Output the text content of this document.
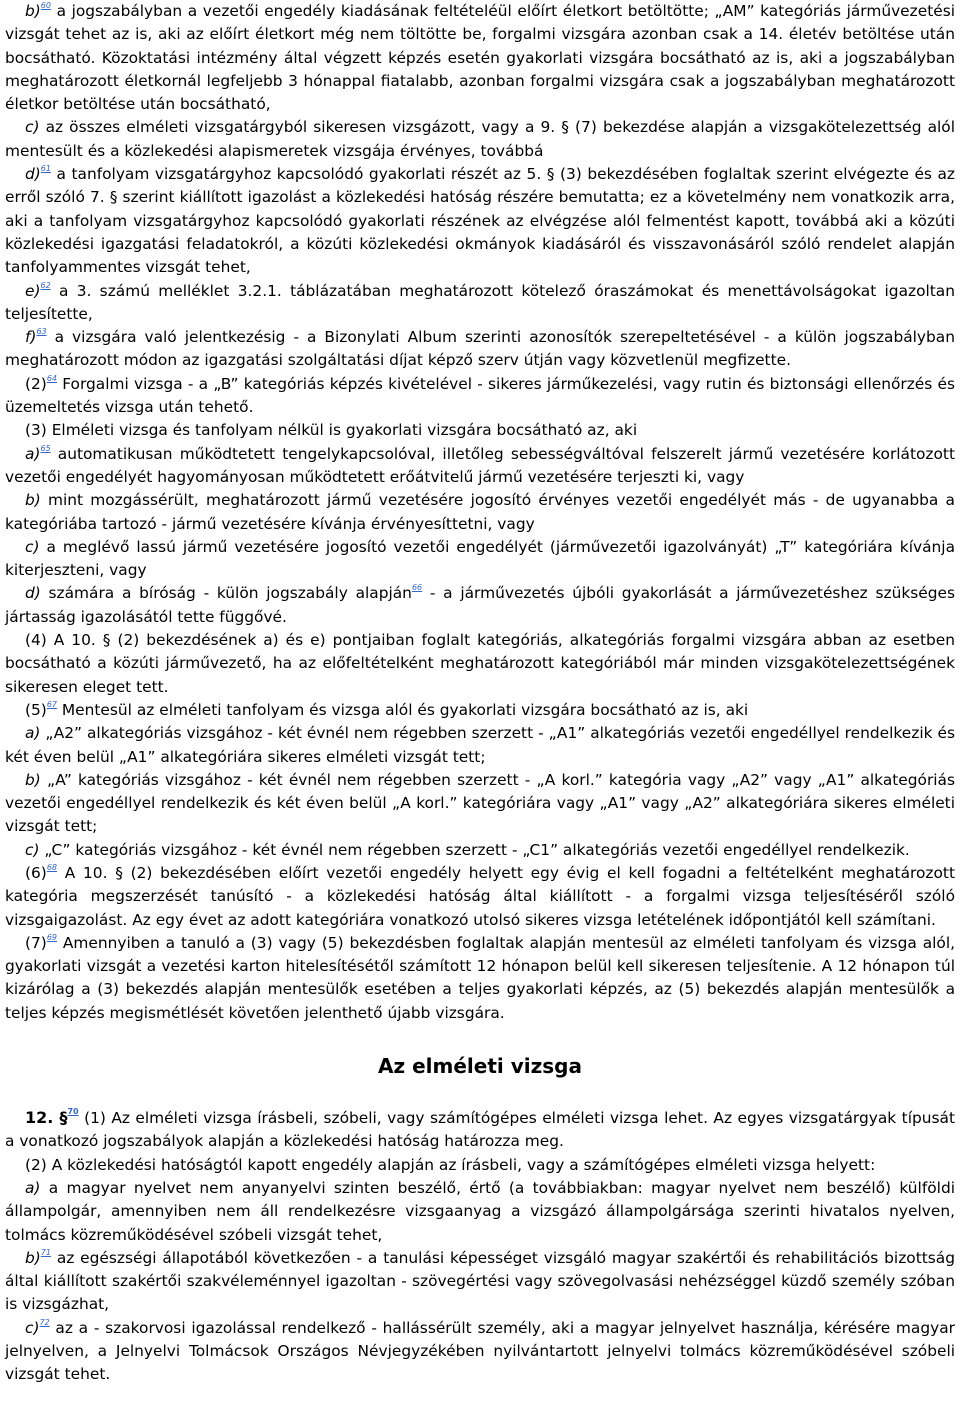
b)$^{60}$ a jogszabályban a vezetői engedély kiadásának feltételéül előírt életkort betöltötte; „AM” kategóriás járművezetési vizsgát tehet az is, aki az előírt életkort még nem töltötte be, forgalmi vizsgára azonban csak a 14. életév betöltése után bocsátható. Közoktatási intézmény által végzett képzés esetén gyakorlati vizsgára bocsátható az is, aki a jogszabályban meghatározott életkornál legfeljebb 3 hónappal fiatalabb, azonban forgalmi vizsgára csak a jogszabályban meghatározott életkor betöltése után bocsátható,

c) az összes elméleti vizsgatárgyból sikeresen vizsgázott, vagy a 9. § (7) bekezdése alapján a vizsgakötelezettség alól mentesült és a közlekedési alapismeretek vizsgája érvényes, továbbá

d)$^{61}$ a tanfolyam vizsgatárgyhoz kapcsolódó gyakorlati részét az 5. § (3) bekezdésében foglaltak szerint elvégezte és az erről szóló 7. § szerint kiállított igazolást a közlekedési hatóság részére bemutatta; ez a követelmény nem vonatkozik arra, aki a tanfolyam vizsgatárgyhoz kapcsolódó gyakorlati részének az elvégzése alól felmentést kapott, továbbá aki a közúti közlekedési igazgatási feladatokról, a közúti közlekedési okmányok kiadásáról és visszavonásáról szóló rendelet alapján tanfolyammentes vizsgát tehet,

e)$^{62}$ a 3. számú melléklet 3.2.1. táblázatában meghatározott kötelező óraszámokat és menettávolságokat igazoltan teljesítette,

f)$^{63}$ a vizsgára való jelentkezésig - a Bizonylati Album szerinti azonosítók szerepeltetésével - a külön jogszabályban meghatározott módon az igazgatási szolgáltatási díjat képző szerv útján vagy közvetlenül megfizette.

(2)$^{64}$ Forgalmi vizsga - a „B” kategóriás képzés kivételével - sikeres járműkezelési, vagy rutin és biztonsági ellenőrzés és üzemeltetés vizsga után tehető.

(3) Elméleti vizsga és tanfolyam nélkül is gyakorlati vizsgára bocsátható az, aki

a)$^{65}$ automatikusan működtetett tengelykapcsolóval, illetőleg sebességváltóval felszerelt jármű vezetésére korlátozott vezetői engedélyét hagyományosan működtetett erőátvitelű jármű vezetésére terjeszti ki, vagy

b) mint mozgássérült, meghatározott jármű vezetésére jogosító érvényes vezetői engedélyét más - de ugyanabba a kategóriába tartozó - jármű vezetésére kívánja érvényesíttetni, vagy

c) a meglévő lassú jármű vezetésére jogosító vezetői engedélyét (járművezetői igazolványát) „T” kategóriára kívánja kiterjeszteni, vagy

d) számára a bíróság - külön jogszabály alapján$^{66}$ - a járművezetés újbóli gyakorlását a járművezetéshez szükséges jártasság igazolásától tette függővé.

(4) A 10. § (2) bekezdésének a) és e) pontjaiban foglalt kategóriás, alkategóriás forgalmi vizsgára abban az esetben bocsátható a közúti járművezető, ha az előfeltételként meghatározott kategóriából már minden vizsgakötelezettségének sikeresen eleget tett.

(5)$^{67}$ Mentesül az elméleti tanfolyam és vizsga alól és gyakorlati vizsgára bocsátható az is, aki

a) „A2” alkategóriás vizsgához - két évnél nem régebben szerzett - „A1” alkategóriás vezetői engedéllyel rendelkezik és két éven belül „A1” alkategóriára sikeres elméleti vizsgát tett;

b) „A” kategóriás vizsgához - két évnél nem régebben szerzett - „A korl.” kategória vagy „A2” vagy „A1” alkategóriás vezetői engedéllyel rendelkezik és két éven belül „A korl.” kategóriára vagy „A1” vagy „A2” alkategóriára sikeres elméleti vizsgát tett;

c) „C” kategóriás vizsgához - két évnél nem régebben szerzett - „C1” alkategóriás vezetői engedéllyel rendelkezik.

(6)$^{68}$ A 10. § (2) bekezdésében előírt vezetői engedély helyett egy évig el kell fogadni a feltételként meghatározott kategória megszerzését tanúsító - a közlekedési hatóság által kiállított - a forgalmi vizsga teljesítéséről szóló vizsgaigazolást. Az egy évet az adott kategóriára vonatkozó utolsó sikeres vizsga letételének időpontjától kell számítani.

(7)$^{69}$ Amennyiben a tanuló a (3) vagy (5) bekezdésben foglaltak alapján mentesül az elméleti tanfolyam és vizsga alól, gyakorlati vizsgát a vezetési karton hitelesítésétől számított 12 hónapon belül kell sikeresen teljesítenie. A 12 hónapon túl kizárólag a (3) bekezdés alapján mentesülők esetében a teljes gyakorlati képzés, az (5) bekezdés alapján mentesülők a teljes képzés megismétlését követően jelenthető újabb vizsgára.

Az elméleti vizsga

12. §$^{70}$ (1) Az elméleti vizsga írásbeli, szóbeli, vagy számítógépes elméleti vizsga lehet. Az egyes vizsgatárgyak típusát a vonatkozó jogszabályok alapján a közlekedési hatóság határozza meg.

(2) A közlekedési hatóságtól kapott engedély alapján az írásbeli, vagy a számítógépes elméleti vizsga helyett:

a) a magyar nyelvet nem anyanyelvi szinten beszélő, értő (a továbbiakban: magyar nyelvet nem beszélő) külföldi állampolgár, amennyiben nem áll rendelkezésre vizsgaanyag a vizsgázó állampolgársága szerinti hivatalos nyelven, tolmács közreműködésével szóbeli vizsgát tehet,

b)$^{71}$ az egészségi állapotából következően - a tanulási képességet vizsgáló magyar szakértői és rehabilitációs bizottság által kiállított szakértői szakvéleménnyel igazoltan - szövegértési vagy szövegolvasási nehézséggel küzdő személy szóban is vizsgázhat,

c)$^{72}$ az a - szakorvosi igazolással rendelkező - hallássérült személy, aki a magyar jelnyelvet használja, kérésére magyar jelnyelven, a Jelnyelvi Tolmácsok Országos Névjegyzékében nyilvántartott jelnyelvi tolmács közreműködésével szóbeli vizsgát tehet.
